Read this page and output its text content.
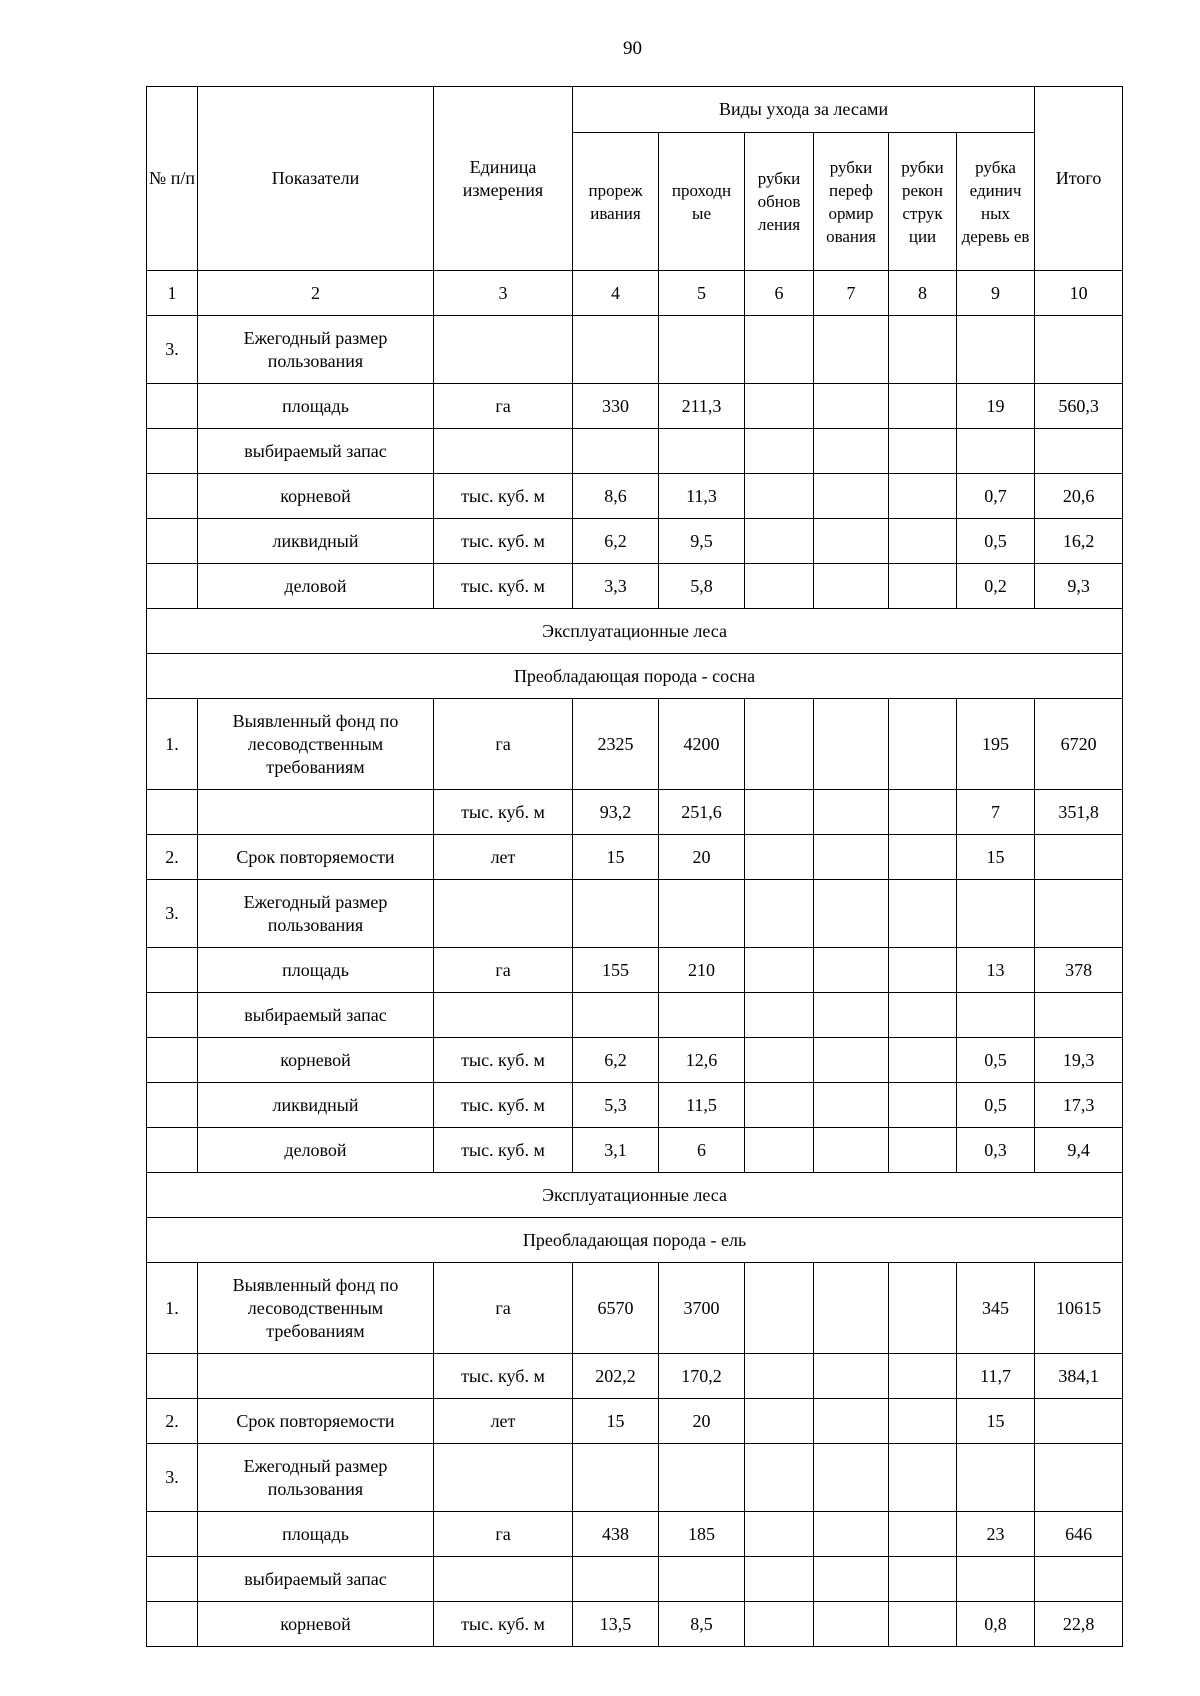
90
№ п/п	Показатели	Единица измерения	Виды ухода за лесами						Итого
			прореж ивания	проходн ые	рубки обнов ления	рубки переф ормир ования	рубки рекон струк ции	рубка единич ных деревь ев	
1	2	3	4	5	6	7	8	9	10
3.	Ежегодный размер пользования								
	площадь	га	330	211,3				19	560,3
	выбираемый запас								
	корневой	тыс. куб. м	8,6	11,3				0,7	20,6
	ликвидный	тыс. куб. м	6,2	9,5				0,5	16,2
	деловой	тыс. куб. м	3,3	5,8				0,2	9,3
Эксплуатационные леса									
Преобладающая порода - сосна									
1.	Выявленный фонд по лесоводственным требованиям	га	2325	4200				195	6720
		тыс. куб. м	93,2	251,6				7	351,8
2.	Срок повторяемости	лет	15	20				15	
3.	Ежегодный размер пользования								
	площадь	га	155	210				13	378
	выбираемый запас								
	корневой	тыс. куб. м	6,2	12,6				0,5	19,3
	ликвидный	тыс. куб. м	5,3	11,5				0,5	17,3
	деловой	тыс. куб. м	3,1	6				0,3	9,4
Эксплуатационные леса									
Преобладающая порода - ель									
1.	Выявленный фонд по лесоводственным требованиям	га	6570	3700				345	10615
		тыс. куб. м	202,2	170,2				11,7	384,1
2.	Срок повторяемости	лет	15	20				15	
3.	Ежегодный размер пользования								
	площадь	га	438	185				23	646
	выбираемый запас								
	корневой	тыс. куб. м	13,5	8,5				0,8	22,8
